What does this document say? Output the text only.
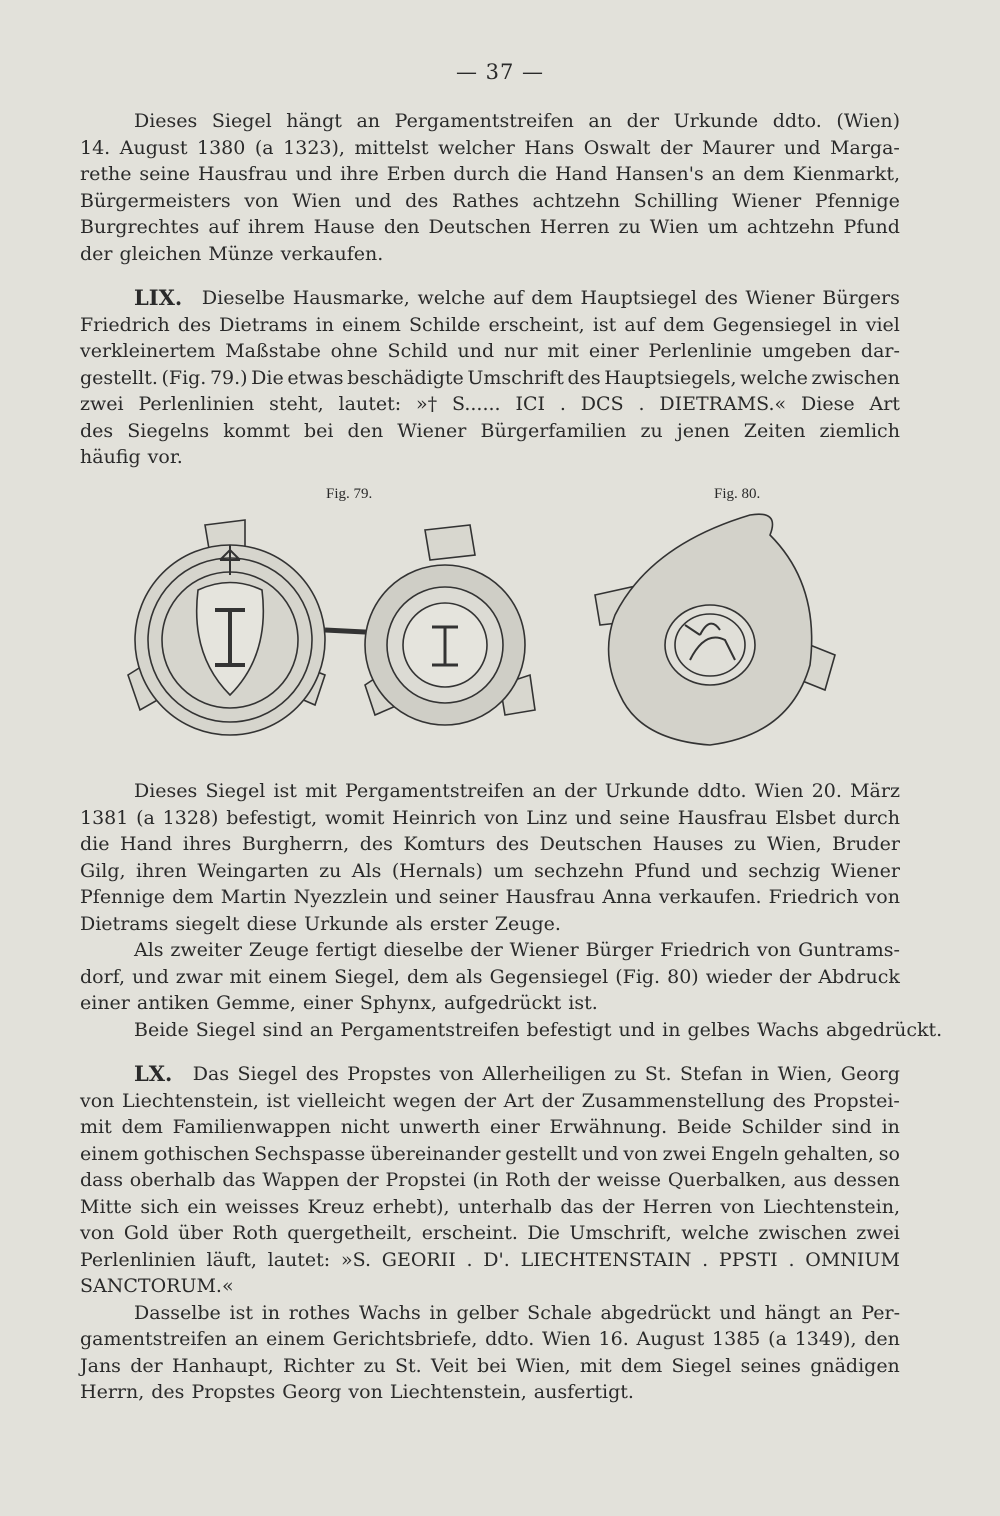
— 37 —
Dieses Siegel hängt an Pergamentstreifen an der Urkunde ddto. (Wien)
14. August 1380 (a 1323), mittelst welcher Hans Oswalt der Maurer und Marga-
rethe seine Hausfrau und ihre Erben durch die Hand Hansen's an dem Kienmarkt,
Bürgermeisters von Wien und des Rathes achtzehn Schilling Wiener Pfennige
Burgrechtes auf ihrem Hause den Deutschen Herren zu Wien um achtzehn Pfund
der gleichen Münze verkaufen.
LIX. Dieselbe Hausmarke, welche auf dem Hauptsiegel des Wiener Bürgers
Friedrich des Dietrams in einem Schilde erscheint, ist auf dem Gegensiegel in viel
verkleinertem Maßstabe ohne Schild und nur mit einer Perlenlinie umgeben dar-
gestellt. (Fig. 79.) Die etwas beschädigte Umschrift des Hauptsiegels, welche zwischen
zwei Perlenlinien steht, lautet: »† S...... ICI . DCS . DIETRAMS.« Diese Art
des Siegelns kommt bei den Wiener Bürgerfamilien zu jenen Zeiten ziemlich
häufig vor.
Fig. 79.	Fig. 80.
Dieses Siegel ist mit Pergamentstreifen an der Urkunde ddto. Wien 20. März
1381 (a 1328) befestigt, womit Heinrich von Linz und seine Hausfrau Elsbet durch
die Hand ihres Burgherrn, des Komturs des Deutschen Hauses zu Wien, Bruder
Gilg, ihren Weingarten zu Als (Hernals) um sechzehn Pfund und sechzig Wiener
Pfennige dem Martin Nyezzlein und seiner Hausfrau Anna verkaufen. Friedrich von
Dietrams siegelt diese Urkunde als erster Zeuge.
Als zweiter Zeuge fertigt dieselbe der Wiener Bürger Friedrich von Guntrams-
dorf, und zwar mit einem Siegel, dem als Gegensiegel (Fig. 80) wieder der Abdruck
einer antiken Gemme, einer Sphynx, aufgedrückt ist.
Beide Siegel sind an Pergamentstreifen befestigt und in gelbes Wachs abgedrückt.
LX. Das Siegel des Propstes von Allerheiligen zu St. Stefan in Wien, Georg
von Liechtenstein, ist vielleicht wegen der Art der Zusammenstellung des Propstei-
mit dem Familienwappen nicht unwerth einer Erwähnung. Beide Schilder sind in
einem gothischen Sechspasse übereinander gestellt und von zwei Engeln gehalten, so
dass oberhalb das Wappen der Propstei (in Roth der weisse Querbalken, aus dessen
Mitte sich ein weisses Kreuz erhebt), unterhalb das der Herren von Liechtenstein,
von Gold über Roth quergetheilt, erscheint. Die Umschrift, welche zwischen zwei
Perlenlinien läuft, lautet: »S. GEORII . D'. LIECHTENSTAIN . PPSTI . OMNIUM
SANCTORUM.«
Dasselbe ist in rothes Wachs in gelber Schale abgedrückt und hängt an Per-
gamentstreifen an einem Gerichtsbriefe, ddto. Wien 16. August 1385 (a 1349), den
Jans der Hanhaupt, Richter zu St. Veit bei Wien, mit dem Siegel seines gnädigen
Herrn, des Propstes Georg von Liechtenstein, ausfertigt.
